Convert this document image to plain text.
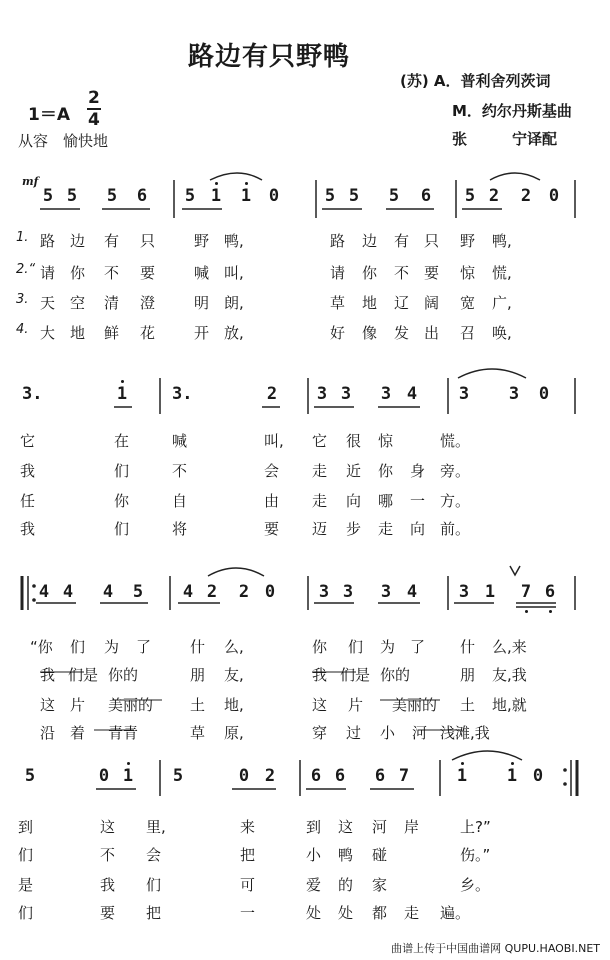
路边有只野鸭
(苏) A．普利舍列茨词
M．约尔丹斯基曲
张　　　宁译配
1＝A
2
4
从容　愉快地
mf
5 5 5 6 5 1 1 0	5 5 5 6 5 2 2 0
1.
2.“
3.
4.
路 边 有 只	野 鸭,	路 边 有 只 野 鸭,
请 你 不 要	喊 叫,	请 你 不 要 惊 慌,
天 空 清 澄	明 朗,	草 地 辽 阔 宽 广,
大 地 鲜 花	开 放,	好 像 发 出 召 唤,
3.	1	3.	2 3 3 3 4 3 3 0
它	在	喊	叫, 它 很 惊	慌。
我	们	不	会 走 近 你 身 旁。
任	你	自	由 走 向 哪 一 方。
我	们	将	要 迈 步 走 向 前。
4 4 4 5 4 2 2 0	3 3 3 4 3 1 7 6
“你 们 为 了	什 么,	你 们 为 了 什 么,来
我 们是 你的	朋 友,	我 们是 你的	朋 友,我
这 片 美丽的 土 地,	这 片 美丽的 土 地,就
沿 着 青青	草 原,	穿 过 小 河 浅滩,我
5	0 1 5	0 2 6 6 6 7	1 1 0
到	这 里,	来	到 这 河 岸	上?”
们	不 会	把	小 鸭 碰	伤。”
是	我 们	可	爱 的 家	乡。
们	要 把	一	处 处 都 走 遍。
曲谱上传于中国曲谱网 QUPU.HAOBI.NET
